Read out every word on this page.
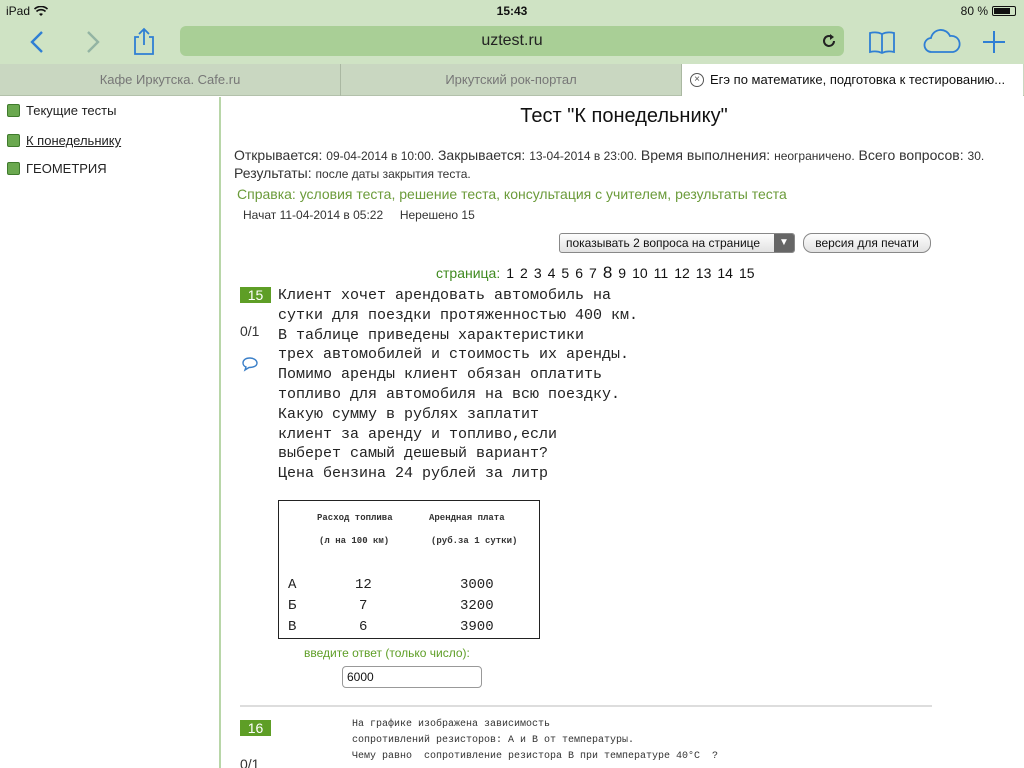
iPad	15:43	80 %
uztest.ru
Кафе Иркутска. Cafe.ru	Иркутский рок-портал	× Егэ по математике, подготовка к тестированию...
Текущие тесты
К понедельнику
ГЕОМЕТРИЯ
Тест "К понедельнику"
Открывается: 09-04-2014 в 10:00. Закрывается: 13-04-2014 в 23:00. Время выполнения: неограничено. Всего вопросов: 30.
Результаты: после даты закрытия теста.
Справка: условия теста, решение теста, консультация с учителем, результаты теста
Начат 11-04-2014 в 05:22 Нерешено 15
показывать 2 вопроса на странице	▼	версия для печати
страница: 1 2 3 4 5 6 7 8 9 10 11 12 13 14 15
15
0/1
Клиент хочет арендовать автомобиль на
сутки для поездки протяженностью 400 км.
В таблице приведены характеристики
трех автомобилей и стоимость их аренды.
Помимо аренды клиент обязан оплатить
топливо для автомобиля на всю поездку.
Какую сумму в рублях заплатит
клиент за аренду и топливо,если
выберет самый дешевый вариант?
Цена бензина 24 рублей за литр
Расход топлива	Арендная плата
(л на 100 км)	(руб.за 1 сутки)
А	12	3000
Б	7	3200
В	6	3900
введите ответ (только число):
6000
16
0/1
На графике изображена зависимость
сопротивлений резисторов: А и В от температуры.
Чему равно  сопротивление резистора В при температуре 40°С  ?
